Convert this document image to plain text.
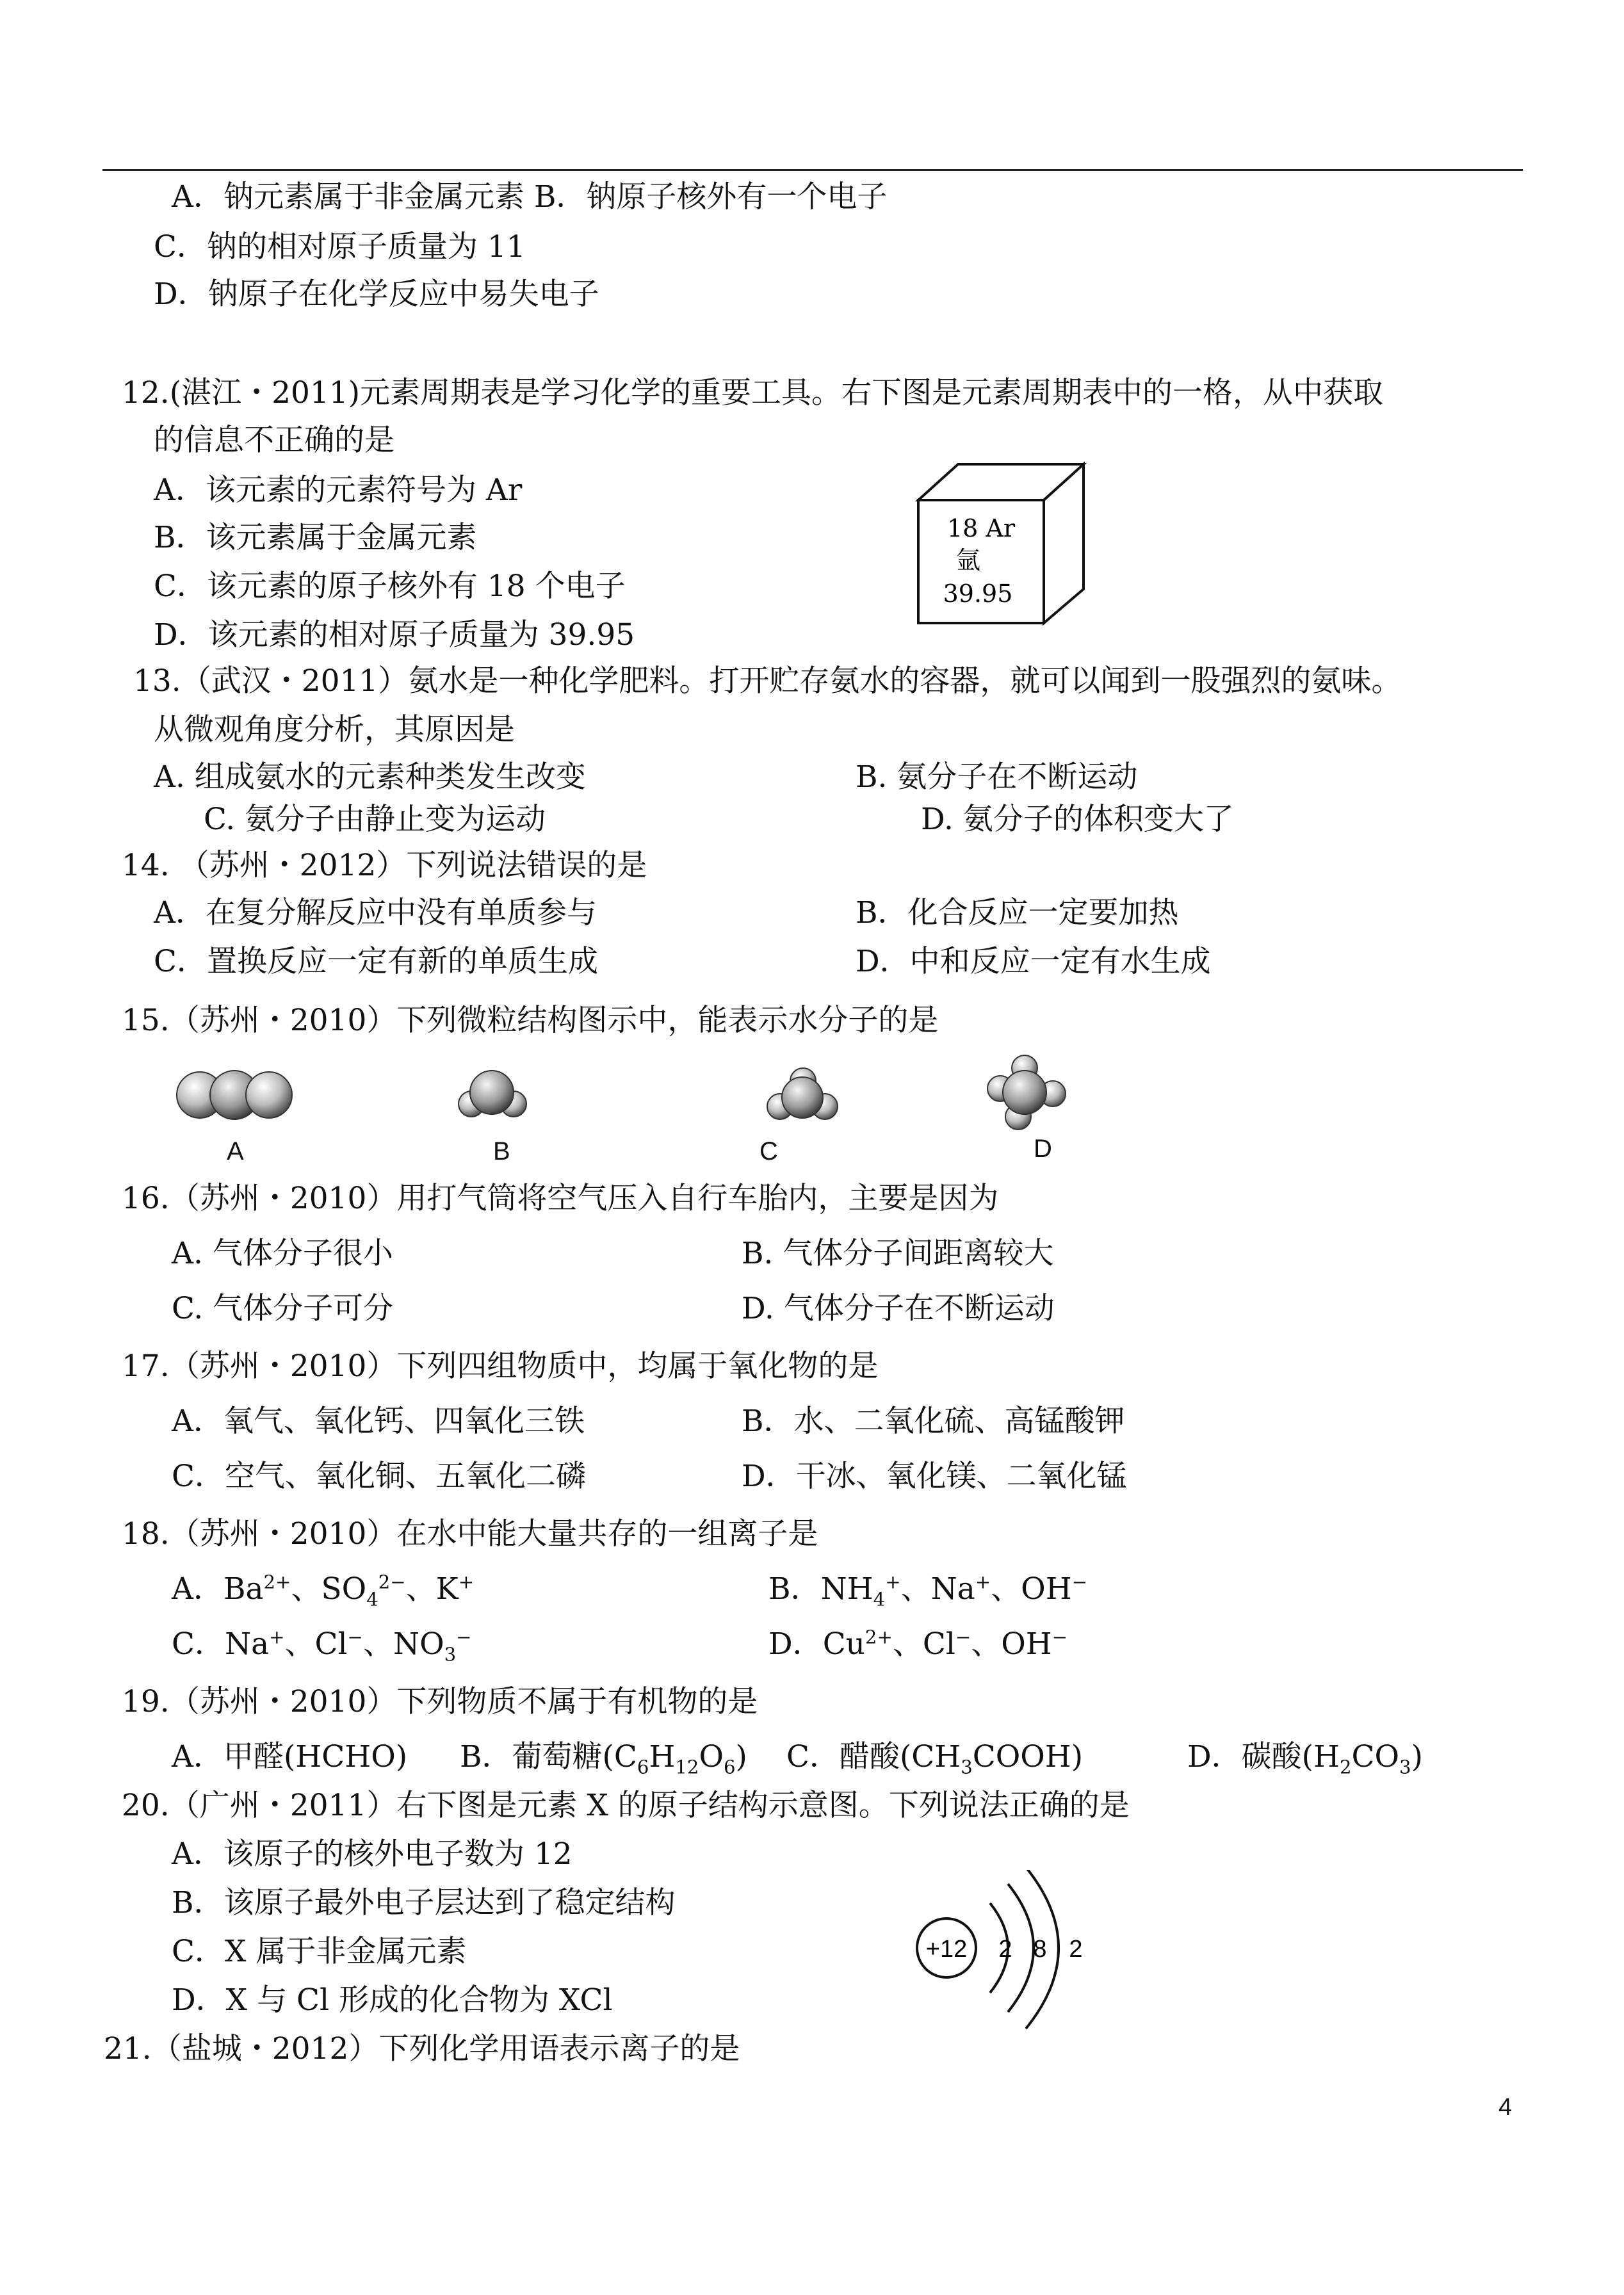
A．钠元素属于非金属元素 B．钠原子核外有一个电子
C．钠的相对原子质量为 11
D．钠原子在化学反应中易失电子
12.(湛江・2011)元素周期表是学习化学的重要工具。右下图是元素周期表中的一格，从中获取
的信息不正确的是
A．该元素的元素符号为 Ar
B．该元素属于金属元素
C．该元素的原子核外有 18 个电子
D．该元素的相对原子质量为 39.95
18 Ar
氩
39.95
13.（武汉・2011）氨水是一种化学肥料。打开贮存氨水的容器，就可以闻到一股强烈的氨味。
从微观角度分析，其原因是
A. 组成氨水的元素种类发生改变	B. 氨分子在不断运动
C. 氨分子由静止变为运动	D. 氨分子的体积变大了
14. （苏州・2012）下列说法错误的是
A．在复分解反应中没有单质参与	B．化合反应一定要加热
C．置换反应一定有新的单质生成	D．中和反应一定有水生成
15.（苏州・2010）下列微粒结构图示中，能表示水分子的是
A	B	C	D
16.（苏州・2010）用打气筒将空气压入自行车胎内，主要是因为
A. 气体分子很小	B. 气体分子间距离较大
C. 气体分子可分	D. 气体分子在不断运动
17.（苏州・2010）下列四组物质中，均属于氧化物的是
A．氧气、氧化钙、四氧化三铁	B．水、二氧化硫、高锰酸钾
C．空气、氧化铜、五氧化二磷	D．干冰、氧化镁、二氧化锰
18.（苏州・2010）在水中能大量共存的一组离子是
A．$Ba^{2+}$、$SO_4^{2-}$、K+	B．$NH_4^+$、Na+、OH−
C．Na+、Cl−、$NO_3^-$	D．$Cu^{2+}$、Cl−、OH−
19.（苏州・2010）下列物质不属于有机物的是
A．甲醛(HCHO) B．葡萄糖$(C_6H_{12}O_6)$ C．醋酸$(CH_3COOH)$	D．碳酸$(H_2CO_3)$
20.（广州・2011）右下图是元素 X 的原子结构示意图。下列说法正确的是
A．该原子的核外电子数为 12
B．该原子最外电子层达到了稳定结构
C．X 属于非金属元素
D．X 与 Cl 形成的化合物为 XCl
+12 2 8 2
21.（盐城・2012）下列化学用语表示离子的是
4
